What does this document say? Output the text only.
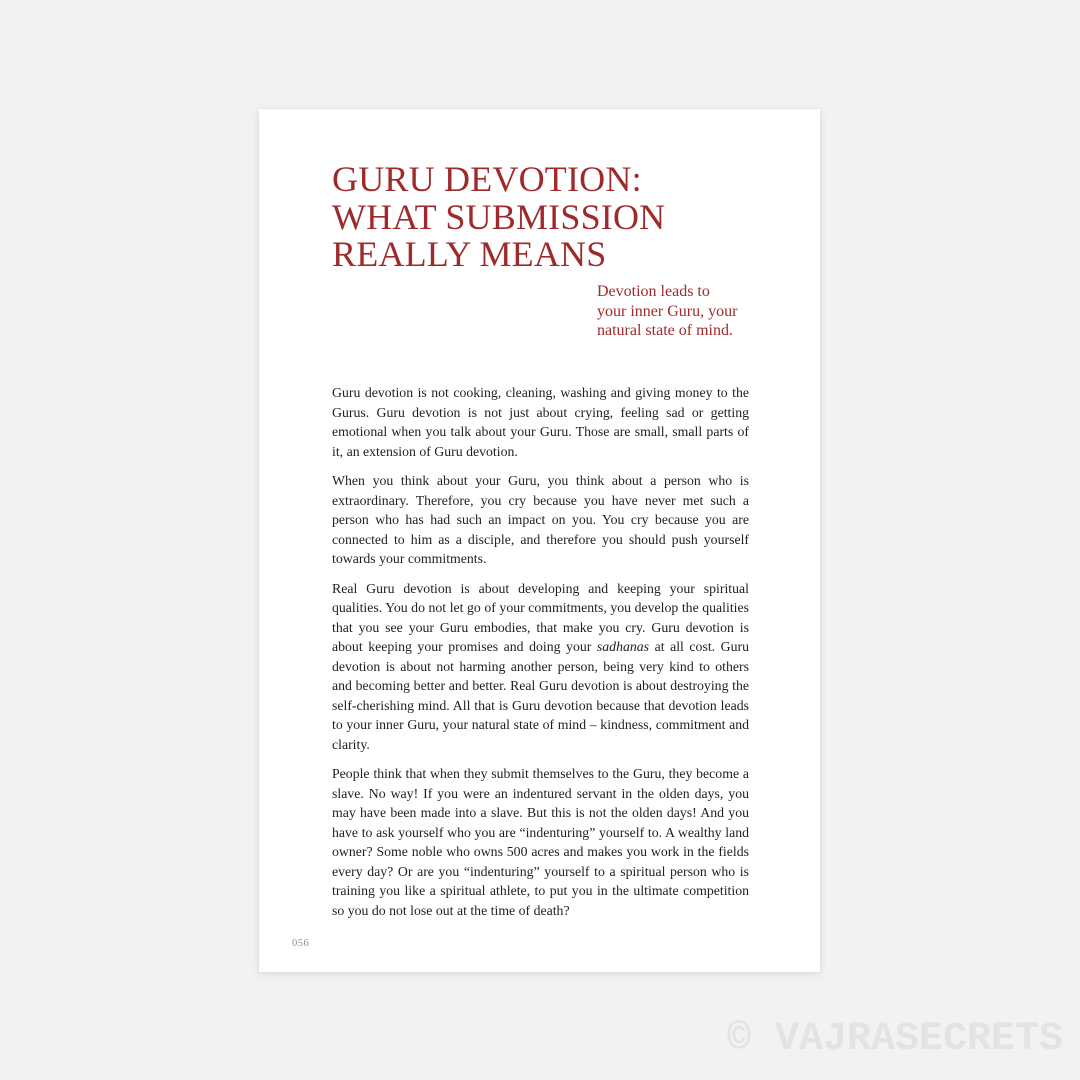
GURU DEVOTION:
WHAT SUBMISSION
REALLY MEANS
Devotion leads to
your inner Guru, your
natural state of mind.

Guru devotion is not cooking, cleaning, washing and giving money to the Gurus. Guru devotion is not just about crying, feeling sad or getting emotional when you talk about your Guru. Those are small, small parts of it, an extension of Guru devotion.

When you think about your Guru, you think about a person who is extraordinary. Therefore, you cry because you have never met such a person who has had such an impact on you. You cry because you are connected to him as a disciple, and therefore you should push yourself towards your commitments.

Real Guru devotion is about developing and keeping your spiritual qualities. You do not let go of your commitments, you develop the qualities that you see your Guru embodies, that make you cry. Guru devotion is about keeping your promises and doing your sadhanas at all cost. Guru devotion is about not harming another person, being very kind to others and becoming better and better. Real Guru devotion is about destroying the self-cherishing mind. All that is Guru devotion because that devotion leads to your inner Guru, your natural state of mind – kindness, commitment and clarity.

People think that when they submit themselves to the Guru, they become a slave. No way! If you were an indentured servant in the olden days, you may have been made into a slave. But this is not the olden days! And you have to ask yourself who you are “indenturing” yourself to. A wealthy land owner? Some noble who owns 500 acres and makes you work in the fields every day? Or are you “indenturing” yourself to a spiritual person who is training you like a spiritual athlete, to put you in the ultimate competition so you do not lose out at the time of death?

056
© VAJRASECRETS
